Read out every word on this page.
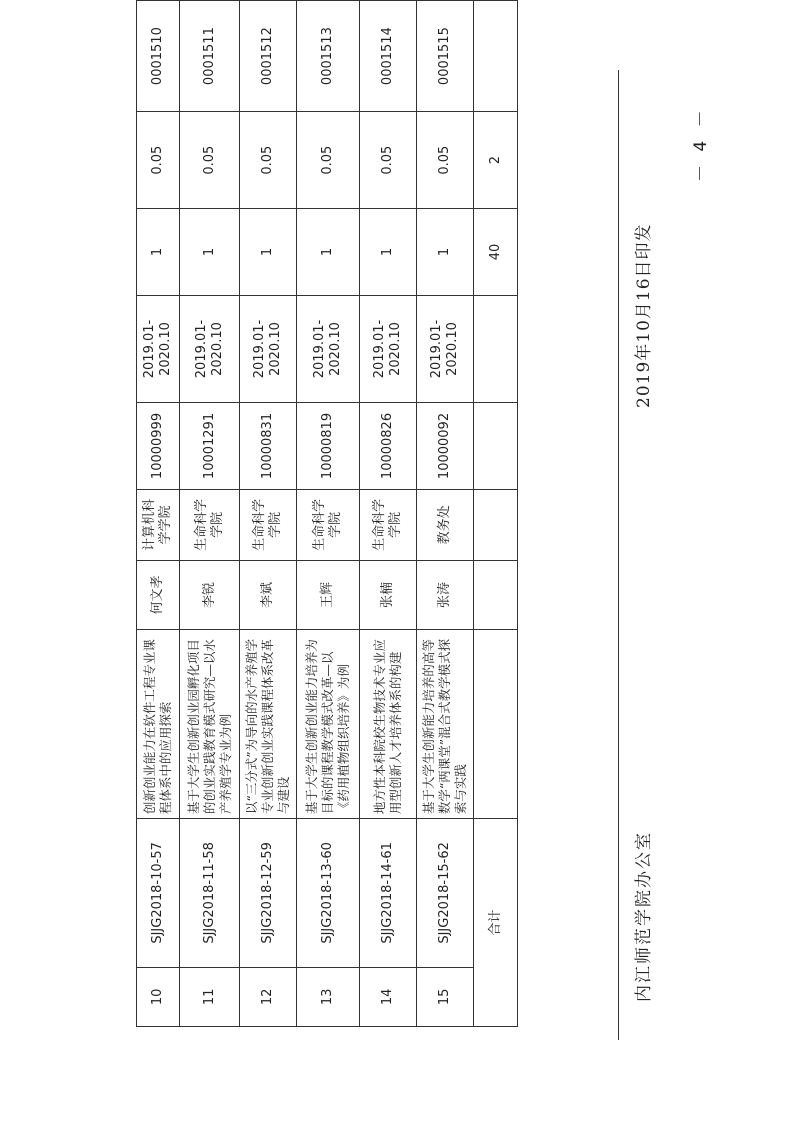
10	SJJG2018-10-57	创新创业能力在软件工程专业课程体系中的应用探索	何文孝	计算机科学学院	10000999	2019.01-2020.10	1	0.05	0001510
11	SJJG2018-11-58	基于大学生创新创业园孵化项目的创业实践教育模式研究—以水产养殖学专业为例	李锐	生命科学学院	10001291	2019.01-2020.10	1	0.05	0001511
12	SJJG2018-12-59	以“三分式”为导向的水产养殖学专业创新创业实践课程体系改革与建设	李斌	生命科学学院	10000831	2019.01-2020.10	1	0.05	0001512
13	SJJG2018-13-60	基于大学生创新创业能力培养为目标的课程教学模式改革—以《药用植物组织培养》为例	王辉	生命科学学院	10000819	2019.01-2020.10	1	0.05	0001513
14	SJJG2018-14-61	地方性本科院校生物技术专业应用型创新人才培养体系的构建	张楠	生命科学学院	10000826	2019.01-2020.10	1	0.05	0001514
15	SJJG2018-15-62	基于大学生创新能力培养的高等数学“两课堂”混合式教学模式探索与实践	张涛	教务处	10000092	2019.01-2020.10	1	0.05	0001515
合计							40	2	
内江师范学院办公室
2019年10月16日印发
－ 4 －
